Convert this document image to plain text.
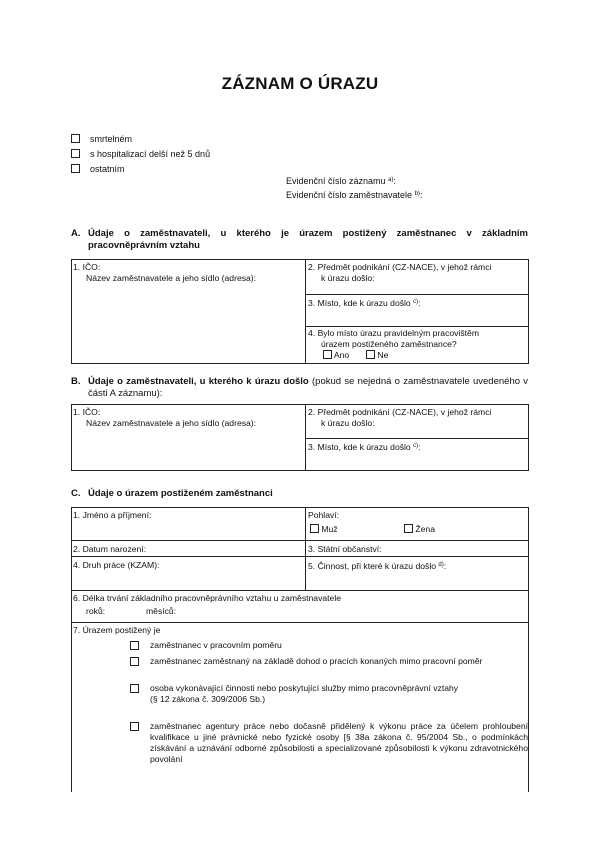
ZÁZNAM O ÚRAZU
smrtelném
s hospitalizací delší než 5 dnů
ostatním
Evidenční číslo záznamu $^{a)}$:
Evidenční číslo zaměstnavatele $^{b)}$:
A. Údaje o zaměstnavateli, u kterého je úrazem postižený zaměstnanec v základním pracovněprávním vztahu
1. IČO:
Název zaměstnavatele a jeho sídlo (adresa):
2. Předmět podnikání (CZ-NACE), v jehož rámci
k úrazu došlo:
3. Místo, kde k úrazu došlo $^{c)}$:
4. Bylo místo úrazu pravidelným pracovištěm
úrazem postiženého zaměstnance?
Ano	Ne
B. Údaje o zaměstnavateli, u kterého k úrazu došlo (pokud se nejedná o zaměstnavatele uvedeného v části A záznamu):
1. IČO:
Název zaměstnavatele a jeho sídlo (adresa):
2. Předmět podnikání (CZ-NACE), v jehož rámci
k úrazu došlo:
3. Místo, kde k úrazu došlo $^{c)}$:
C. Údaje o úrazem postiženém zaměstnanci
1. Jméno a příjmení:	Pohlaví:
Muž	Žena
2. Datum narození:	3. Státní občanství:
4. Druh práce (KZAM):	5. Činnost, při které k úrazu došlo $^{d)}$:
6. Délka trvání základního pracovněprávního vztahu u zaměstnavatele
roků:	měsíců:
7. Úrazem postižený je
zaměstnanec v pracovním poměru
zaměstnanec zaměstnaný na základě dohod o pracích konaných mimo pracovní poměr
osoba vykonávající činnosti nebo poskytující služby mimo pracovněprávní vztahy
(§ 12 zákona č. 309/2006 Sb.)
zaměstnanec agentury práce nebo dočasně přidělený k výkonu práce za účelem prohloubení kvalifikace u jiné právnické nebo fyzické osoby [§ 38a zákona č. 95/2004 Sb., o podmínkách získávání a uznávání odborné způsobilosti a specializované způsobilosti k výkonu zdravotnického povolání
